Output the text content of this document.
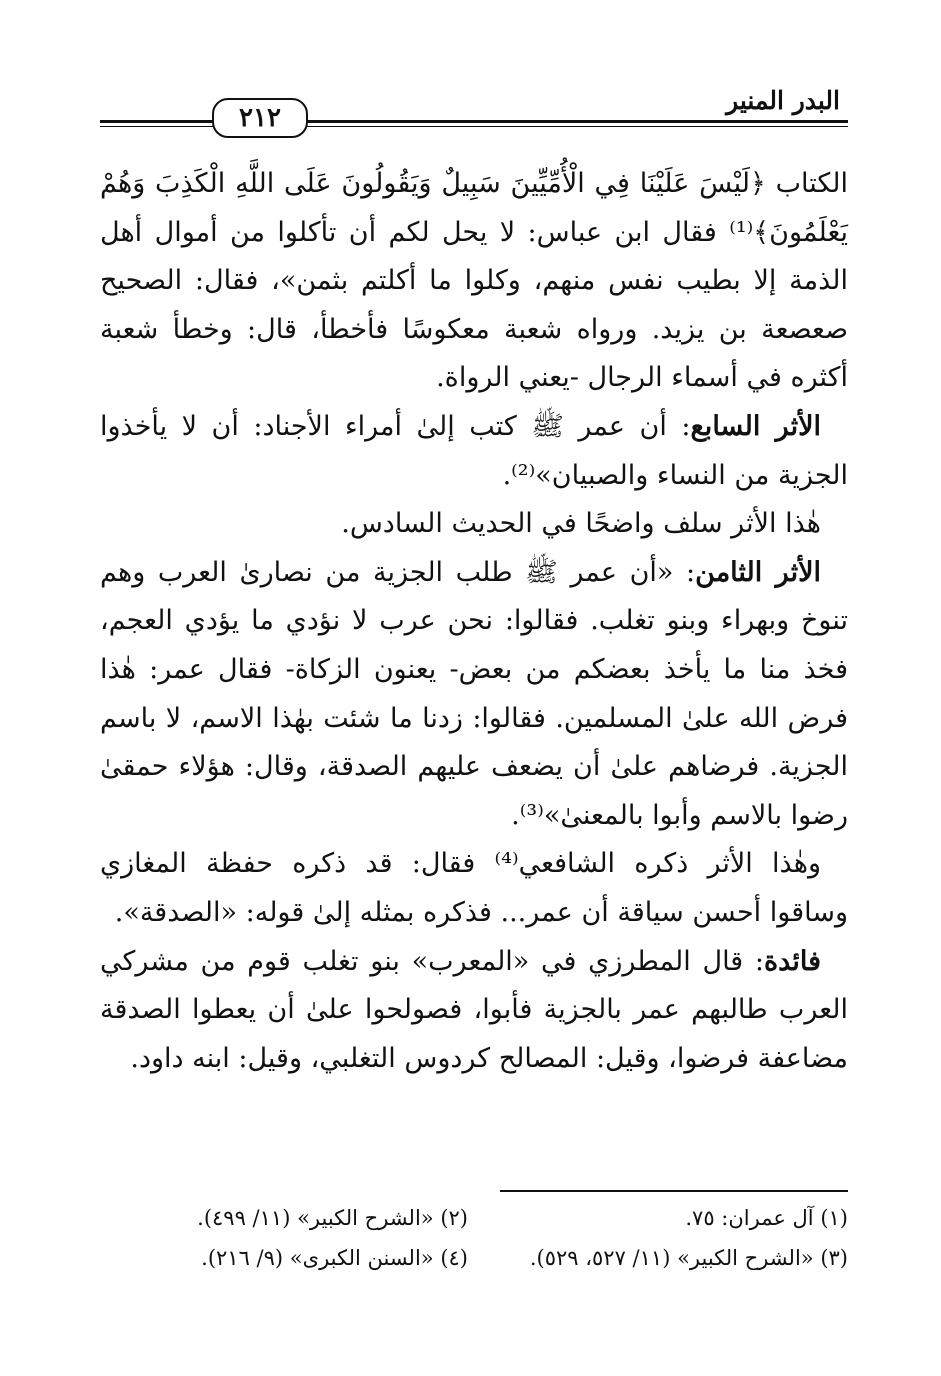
٢١٢
البدر المنير

الكتاب ﴿لَيْسَ عَلَيْنَا فِي الْأُمِّيِّينَ سَبِيلٌ وَيَقُولُونَ عَلَى اللَّهِ الْكَذِبَ وَهُمْ يَعْلَمُونَ﴾⁽¹⁾ فقال ابن عباس: لا يحل لكم أن تأكلوا من أموال أهل الذمة إلا بطيب نفس منهم، وكلوا ما أكلتم بثمن»، فقال: الصحيح صعصعة بن يزيد. ورواه شعبة معكوسًا فأخطأ، قال: وخطأ شعبة أكثره في أسماء الرجال -يعني الرواة.

الأثر السابع: أن عمر ﷺ كتب إلىٰ أمراء الأجناد: أن لا يأخذوا الجزية من النساء والصبيان»⁽²⁾.

هٰذا الأثر سلف واضحًا في الحديث السادس.

الأثر الثامن: «أن عمر ﷺ طلب الجزية من نصارىٰ العرب وهم تنوخ وبهراء وبنو تغلب. فقالوا: نحن عرب لا نؤدي ما يؤدي العجم، فخذ منا ما يأخذ بعضكم من بعض- يعنون الزكاة- فقال عمر: هٰذا فرض الله علىٰ المسلمين. فقالوا: زدنا ما شئت بهٰذا الاسم، لا باسم الجزية. فرضاهم علىٰ أن يضعف عليهم الصدقة، وقال: هؤلاء حمقىٰ رضوا بالاسم وأبوا بالمعنىٰ»⁽³⁾.

وهٰذا الأثر ذكره الشافعي⁽⁴⁾ فقال: قد ذكره حفظة المغازي وساقوا أحسن سياقة أن عمر... فذكره بمثله إلىٰ قوله: «الصدقة».

فائدة: قال المطرزي في «المعرب» بنو تغلب قوم من مشركي العرب طالبهم عمر بالجزية فأبوا، فصولحوا علىٰ أن يعطوا الصدقة مضاعفة فرضوا، وقيل: المصالح كردوس التغلبي، وقيل: ابنه داود.

(١) آل عمران: ٧٥.
(٢) «الشرح الكبير» (١١/ ٤٩٩).
(٣) «الشرح الكبير» (١١/ ٥٢٧، ٥٢٩).
(٤) «السنن الكبرى» (٩/ ٢١٦).
